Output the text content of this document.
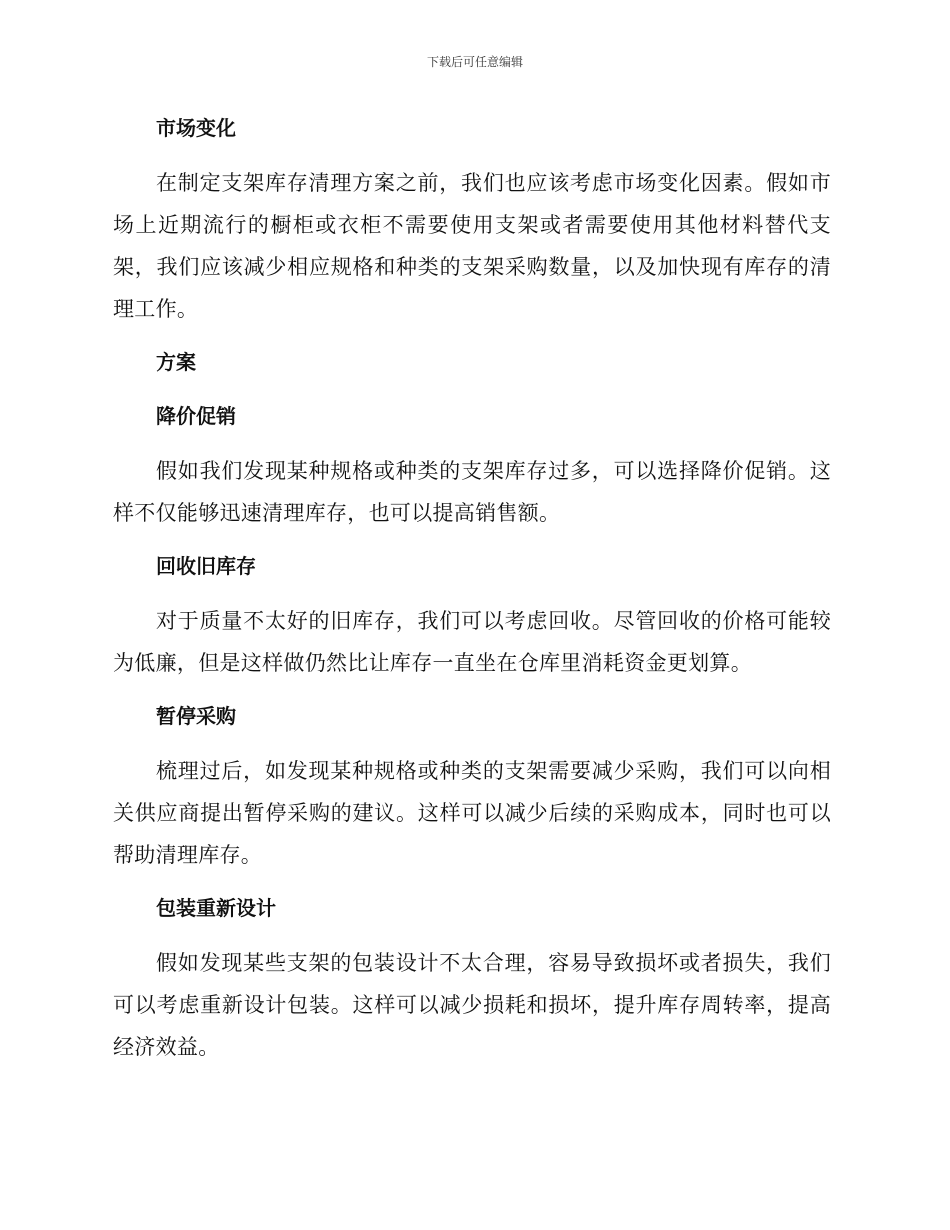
下载后可任意编辑
市场变化

在制定支架库存清理方案之前，我们也应该考虑市场变化因素。假如市场上近期流行的橱柜或衣柜不需要使用支架或者需要使用其他材料替代支架，我们应该减少相应规格和种类的支架采购数量，以及加快现有库存的清理工作。

方案
降价促销

假如我们发现某种规格或种类的支架库存过多，可以选择降价促销。这样不仅能够迅速清理库存，也可以提高销售额。

回收旧库存

对于质量不太好的旧库存，我们可以考虑回收。尽管回收的价格可能较为低廉，但是这样做仍然比让库存一直坐在仓库里消耗资金更划算。

暂停采购

梳理过后，如发现某种规格或种类的支架需要减少采购，我们可以向相关供应商提出暂停采购的建议。这样可以减少后续的采购成本，同时也可以帮助清理库存。

包装重新设计

假如发现某些支架的包装设计不太合理，容易导致损坏或者损失，我们可以考虑重新设计包装。这样可以减少损耗和损坏，提升库存周转率，提高经济效益。
